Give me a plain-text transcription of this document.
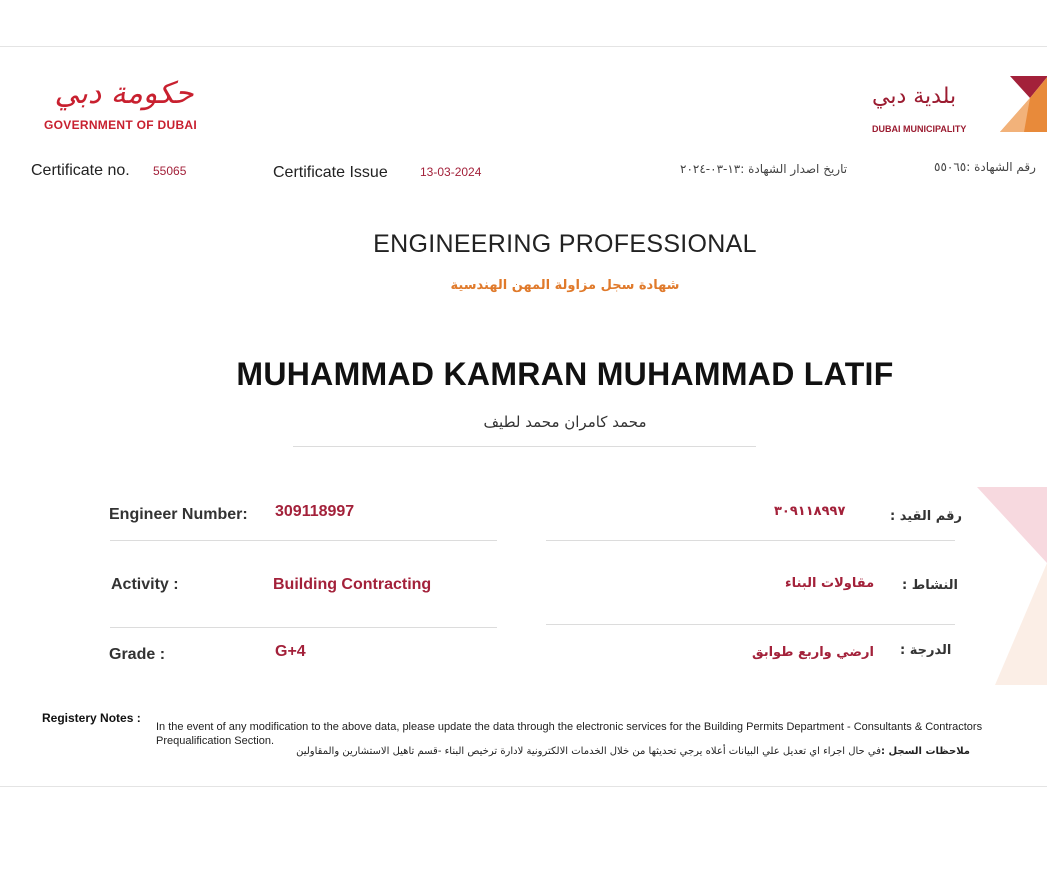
حكومة دبي
GOVERNMENT OF DUBAI
بلدية دبي
DUBAI MUNICIPALITY
Certificate no. 55065	Certificate Issue	13-03-2024	تاريخ اصدار الشهادة :١٣-٠٣-٢٠٢٤	رقم الشهادة :٥٥٠٦٥
ENGINEERING PROFESSIONAL
شهادة سجل مزاولة المهن الهندسية
MUHAMMAD KAMRAN MUHAMMAD LATIF
محمد كامران محمد لطيف
Engineer Number: 309118997	٣٠٩١١٨٩٩٧	رقم القيد :
Activity :	Building Contracting	مقاولات البناء النشاط :
Grade :	G+4	ارضي واربع طوابق الدرجة :
Registery Notes :
In the event of any modification to the above data, please update the data through the electronic services for the Building Permits Department - Consultants & Contractors Prequalification Section.
ملاحظات السجل :في حال اجراء اي تعديل علي البيانات أعلاه يرجي تحديثها من خلال الخدمات الالكترونية لادارة ترخيص البناء -قسم تاهيل الاستشارين والمقاولين
